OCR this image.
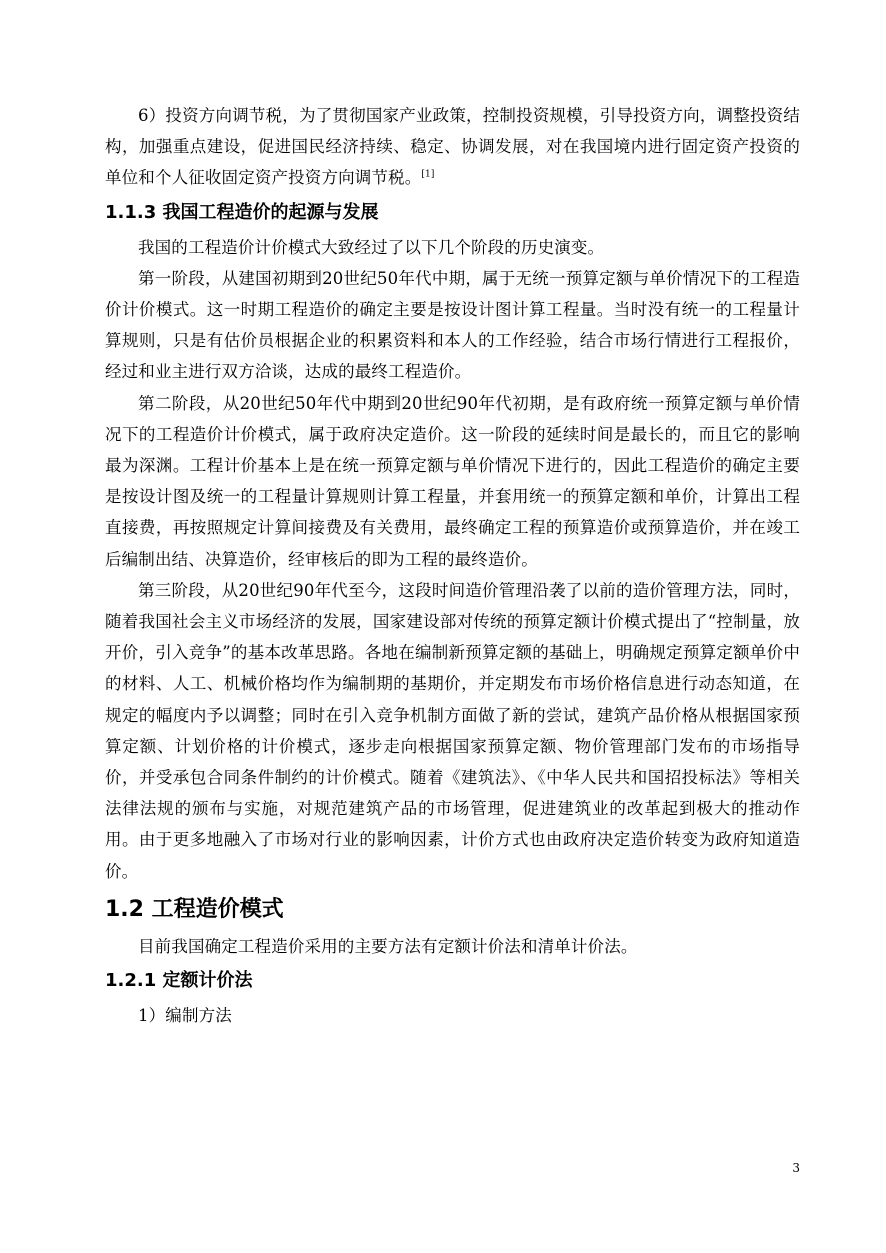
6）投资方向调节税，为了贯彻国家产业政策，控制投资规模，引导投资方向，调整投资结构，加强重点建设，促进国民经济持续、稳定、协调发展，对在我国境内进行固定资产投资的单位和个人征收固定资产投资方向调节税。[1]

1.1.3 我国工程造价的起源与发展

我国的工程造价计价模式大致经过了以下几个阶段的历史演变。

第一阶段，从建国初期到20世纪50年代中期，属于无统一预算定额与单价情况下的工程造价计价模式。这一时期工程造价的确定主要是按设计图计算工程量。当时没有统一的工程量计算规则，只是有估价员根据企业的积累资料和本人的工作经验，结合市场行情进行工程报价，经过和业主进行双方洽谈，达成的最终工程造价。

第二阶段，从20世纪50年代中期到20世纪90年代初期，是有政府统一预算定额与单价情况下的工程造价计价模式，属于政府决定造价。这一阶段的延续时间是最长的，而且它的影响最为深渊。工程计价基本上是在统一预算定额与单价情况下进行的，因此工程造价的确定主要是按设计图及统一的工程量计算规则计算工程量，并套用统一的预算定额和单价，计算出工程直接费，再按照规定计算间接费及有关费用，最终确定工程的预算造价或预算造价，并在竣工后编制出结、决算造价，经审核后的即为工程的最终造价。

第三阶段，从20世纪90年代至今，这段时间造价管理沿袭了以前的造价管理方法，同时，随着我国社会主义市场经济的发展，国家建设部对传统的预算定额计价模式提出了“控制量，放开价，引入竞争”的基本改革思路。各地在编制新预算定额的基础上，明确规定预算定额单价中的材料、人工、机械价格均作为编制期的基期价，并定期发布市场价格信息进行动态知道，在规定的幅度内予以调整；同时在引入竞争机制方面做了新的尝试，建筑产品价格从根据国家预算定额、计划价格的计价模式，逐步走向根据国家预算定额、物价管理部门发布的市场指导价，并受承包合同条件制约的计价模式。随着《建筑法》、《中华人民共和国招投标法》等相关法律法规的颁布与实施，对规范建筑产品的市场管理，促进建筑业的改革起到极大的推动作用。由于更多地融入了市场对行业的影响因素，计价方式也由政府决定造价转变为政府知道造价。

1.2 工程造价模式

目前我国确定工程造价采用的主要方法有定额计价法和清单计价法。

1.2.1 定额计价法

1）编制方法

3
